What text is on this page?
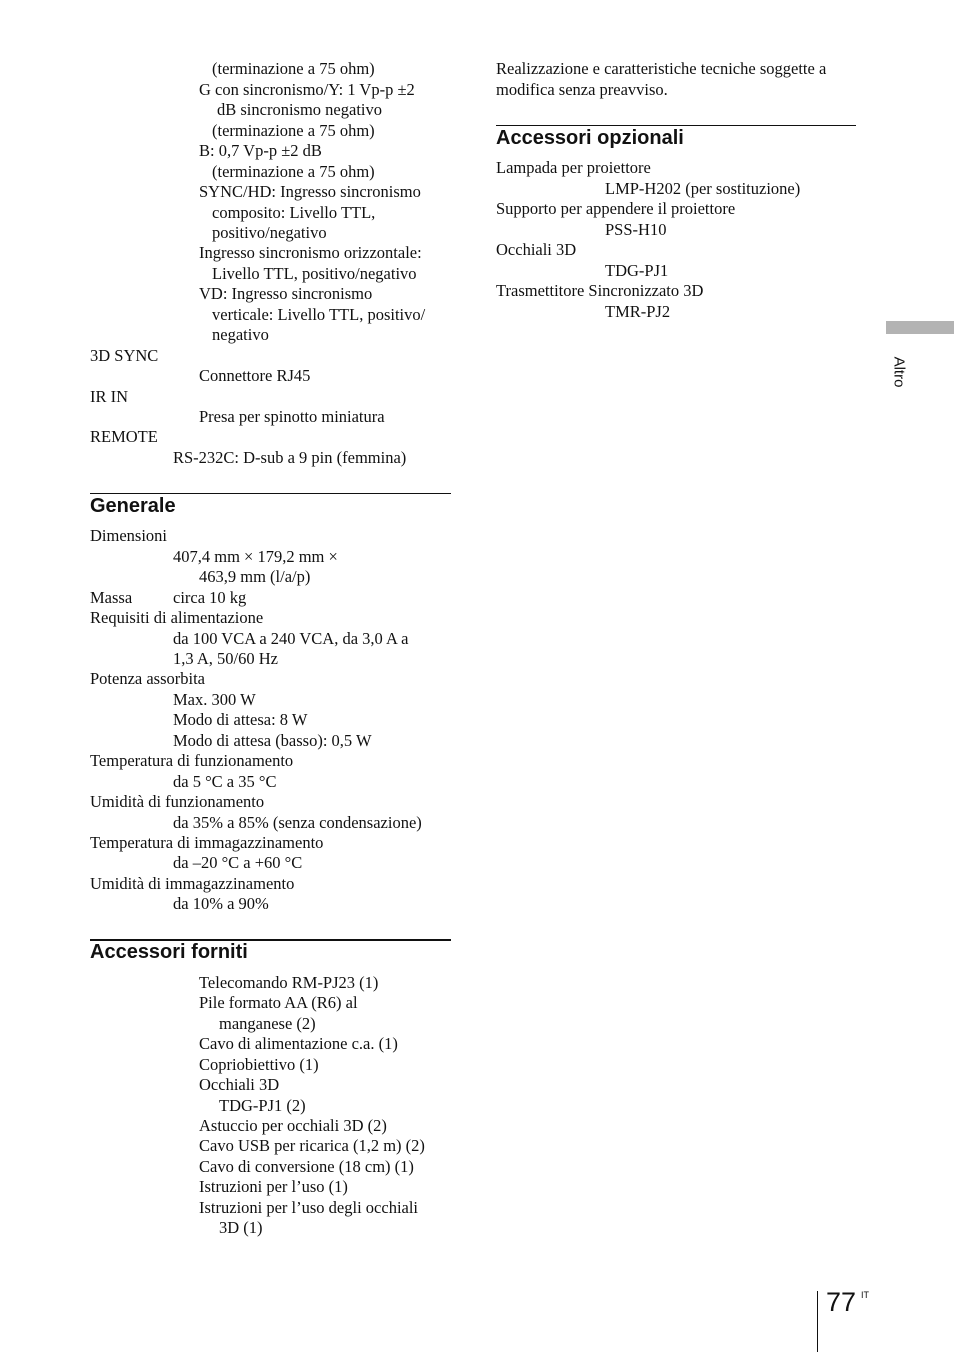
(terminazione a 75 ohm)
G con sincronismo/Y: 1 Vp-p ±2
dB sincronismo negativo
(terminazione a 75 ohm)
B: 0,7 Vp-p ±2 dB
(terminazione a 75 ohm)
SYNC/HD: Ingresso sincronismo
composito: Livello TTL,
positivo/negativo
Ingresso sincronismo orizzontale:
Livello TTL, positivo/negativo
VD: Ingresso sincronismo
verticale: Livello TTL, positivo/
negativo
3D SYNC
Connettore RJ45
IR IN
Presa per spinotto miniatura
REMOTE
RS-232C: D-sub a 9 pin (femmina)
Generale
Dimensioni
407,4 mm × 179,2 mm ×
463,9 mm (l/a/p)
Massa circa 10 kg
Requisiti di alimentazione
da 100 VCA a 240 VCA, da 3,0 A a
1,3 A, 50/60 Hz
Potenza assorbita
Max. 300 W
Modo di attesa: 8 W
Modo di attesa (basso): 0,5 W
Temperatura di funzionamento
da 5 °C a 35 °C
Umidità di funzionamento
da 35% a 85% (senza condensazione)
Temperatura di immagazzinamento
da –20 °C a +60 °C
Umidità di immagazzinamento
da 10% a 90%
Accessori forniti
Telecomando RM-PJ23 (1)
Pile formato AA (R6) al
manganese (2)
Cavo di alimentazione c.a. (1)
Copriobiettivo (1)
Occhiali 3D
TDG-PJ1 (2)
Astuccio per occhiali 3D (2)
Cavo USB per ricarica (1,2 m) (2)
Cavo di conversione (18 cm) (1)
Istruzioni per l’uso (1)
Istruzioni per l’uso degli occhiali
3D (1)
Realizzazione e caratteristiche tecniche soggette a
modifica senza preavviso.
Accessori opzionali
Lampada per proiettore
LMP-H202 (per sostituzione)
Supporto per appendere il proiettore
PSS-H10
Occhiali 3D
TDG-PJ1
Trasmettitore Sincronizzato 3D
TMR-PJ2
Altro
77 IT
